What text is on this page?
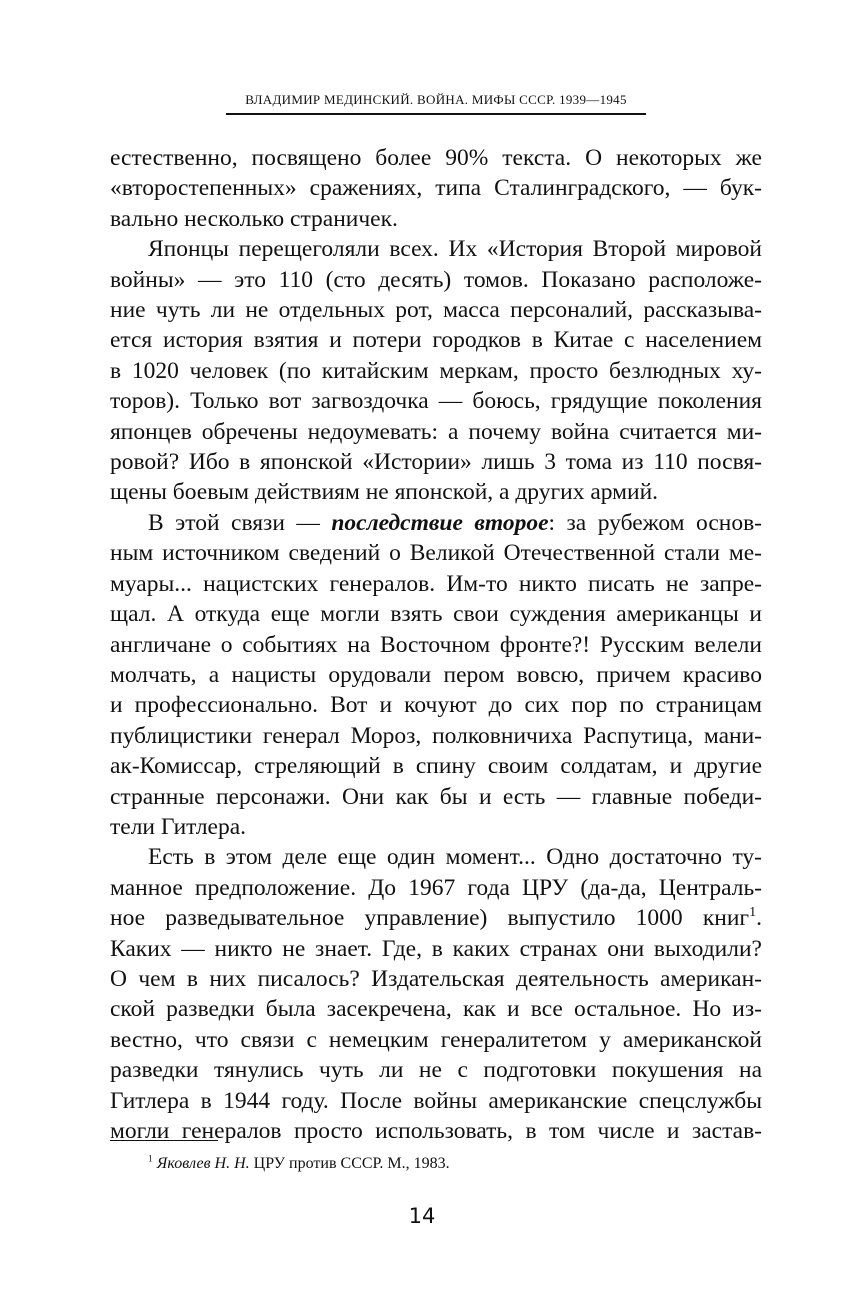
ВЛАДИМИР МЕДИНСКИЙ. ВОЙНА. МИФЫ СССР. 1939—1945

естественно, посвящено более 90% текста. О некоторых же
«второстепенных» сражениях, типа Сталинградского, — бук-
вально несколько страничек.

Японцы перещеголяли всех. Их «История Второй мировой
войны» — это 110 (сто десять) томов. Показано расположе-
ние чуть ли не отдельных рот, масса персоналий, рассказыва-
ется история взятия и потери городков в Китае с населением
в 1020 человек (по китайским меркам, просто безлюдных ху-
торов). Только вот загвоздочка — боюсь, грядущие поколения
японцев обречены недоумевать: а почему война считается ми-
ровой? Ибо в японской «Истории» лишь 3 тома из 110 посвя-
щены боевым действиям не японской, а других армий.

В этой связи — последствие второе: за рубежом основ-
ным источником сведений о Великой Отечественной стали ме-
муары... нацистских генералов. Им-то никто писать не запре-
щал. А откуда еще могли взять свои суждения американцы и
англичане о событиях на Восточном фронте?! Русским велели
молчать, а нацисты орудовали пером вовсю, причем красиво
и профессионально. Вот и кочуют до сих пор по страницам
публицистики генерал Мороз, полковничиха Распутица, мани-
ак-Комиссар, стреляющий в спину своим солдатам, и другие
странные персонажи. Они как бы и есть — главные победи-
тели Гитлера.

Есть в этом деле еще один момент... Одно достаточно ту-
манное предположение. До 1967 года ЦРУ (да-да, Централь-
ное разведывательное управление) выпустило 1000 книг$^1$.
Каких — никто не знает. Где, в каких странах они выходили?
О чем в них писалось? Издательская деятельность американ-
ской разведки была засекречена, как и все остальное. Но из-
вестно, что связи с немецким генералитетом у американской
разведки тянулись чуть ли не с подготовки покушения на
Гитлера в 1944 году. После войны американские спецслужбы
могли генералов просто использовать, в том числе и застав-

$^1$ Яковлев Н. Н. ЦРУ против СССР. М., 1983.
14
